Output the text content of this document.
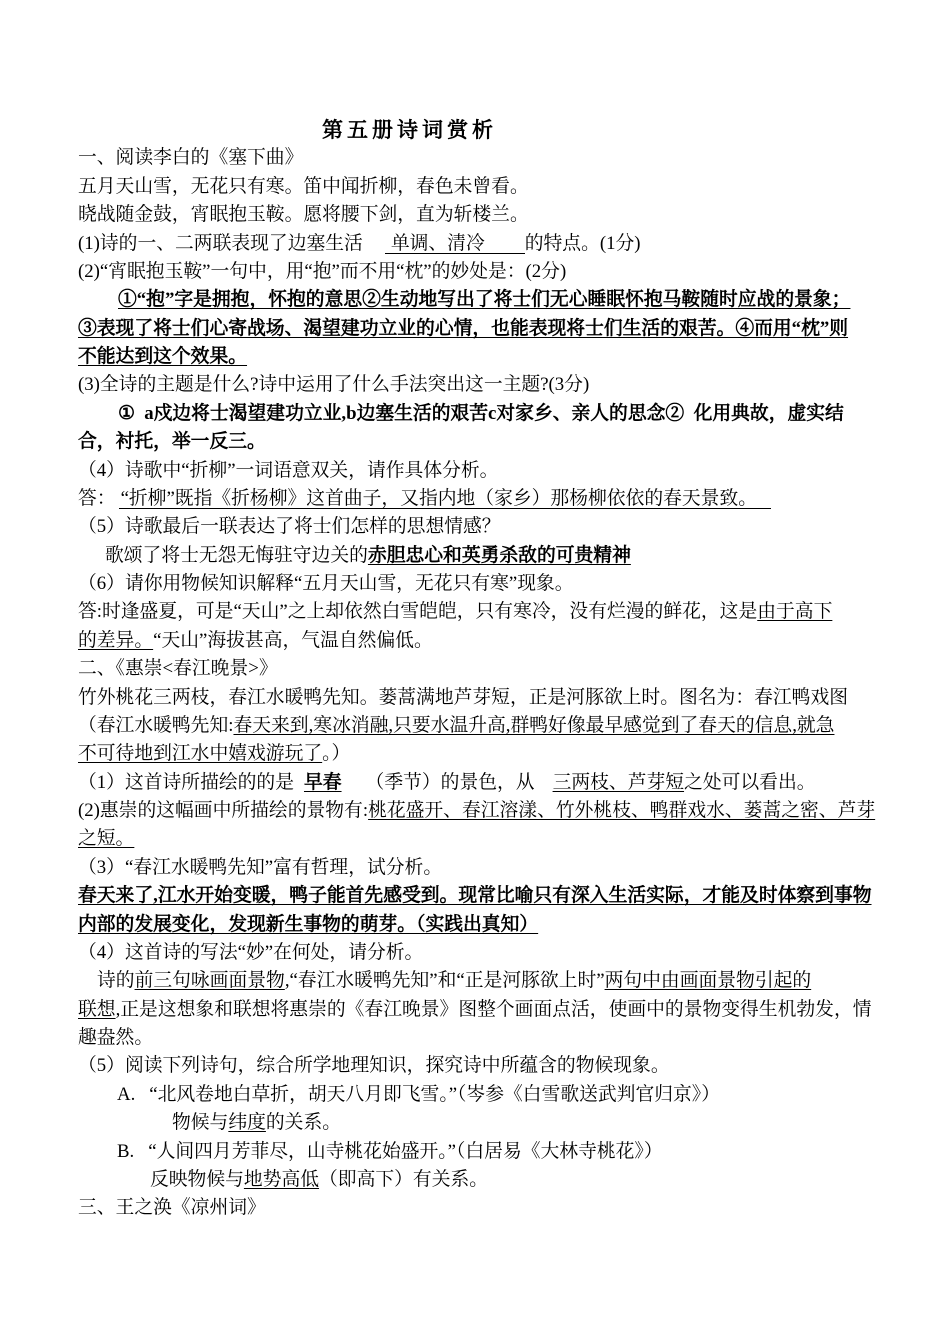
第五册诗词赏析
一、阅读李白的《塞下曲》
五月天山雪，无花只有寒。笛中闻折柳，春色未曾看。
晓战随金鼓，宵眠抱玉鞍。愿将腰下剑，直为斩楼兰。
(1)诗的一、二两联表现了边塞生活 单调、清冷 的特点。(1分)
(2)“宵眠抱玉鞍”一句中，用“抱”而不用“枕”的妙处是：(2分)
①“抱”字是拥抱，怀抱的意思②生动地写出了将士们无心睡眠怀抱马鞍随时应战的景象；
③表现了将士们心寄战场、渴望建功立业的心情，也能表现将士们生活的艰苦。④而用“枕”则
不能达到这个效果。
(3)全诗的主题是什么?诗中运用了什么手法突出这一主题?(3分)
①  a戍边将士渴望建功立业,b边塞生活的艰苦c对家乡、亲人的思念②  化用典故，虚实结
合，衬托，举一反三。
（4）诗歌中“折柳”一词语意双关，请作具体分析。
答： “折柳”既指《折杨柳》这首曲子，又指内地（家乡）那杨柳依依的春天景致。
（5）诗歌最后一联表达了将士们怎样的思想情感？
歌颂了将士无怨无悔驻守边关的赤胆忠心和英勇杀敌的可贵精神
（6）请你用物候知识解释“五月天山雪，无花只有寒”现象。
答:时逢盛夏，可是“天山”之上却依然白雪皑皑，只有寒冷，没有烂漫的鲜花，这是由于高下
的差异。“天山”海拔甚高，气温自然偏低。
二、《惠崇<春江晚景>》
竹外桃花三两枝，春江水暖鸭先知。蒌蒿满地芦芽短，正是河豚欲上时。图名为：春江鸭戏图
（春江水暖鸭先知:春天来到,寒冰消融,只要水温升高,群鸭好像最早感觉到了春天的信息,就急
不可待地到江水中嬉戏游玩了。）
（1）这首诗所描绘的的是 早春 （季节）的景色，从 三两枝、芦芽短之处可以看出。
(2)惠崇的这幅画中所描绘的景物有:桃花盛开、春江溶漾、竹外桃枝、鸭群戏水、蒌蒿之密、芦芽
之短。
（3）“春江水暖鸭先知”富有哲理，试分析。
春天来了,江水开始变暖，鸭子能首先感受到。现常比喻只有深入生活实际，才能及时体察到事物
内部的发展变化，发现新生事物的萌芽。（实践出真知）
（4）这首诗的写法“妙”在何处，请分析。
诗的前三句咏画面景物,“春江水暖鸭先知”和“正是河豚欲上时”两句中由画面景物引起的
联想,正是这想象和联想将惠崇的《春江晚景》图整个画面点活，使画中的景物变得生机勃发，情
趣盎然。
（5）阅读下列诗句，综合所学地理知识，探究诗中所蕴含的物候现象。
A. “北风卷地白草折，胡天八月即飞雪。”（岑参《白雪歌送武判官归京》）
物候与纬度的关系。
B. “人间四月芳菲尽，山寺桃花始盛开。”（白居易《大林寺桃花》）
反映物候与地势高低（即高下）有关系。
三、王之涣《凉州词》
